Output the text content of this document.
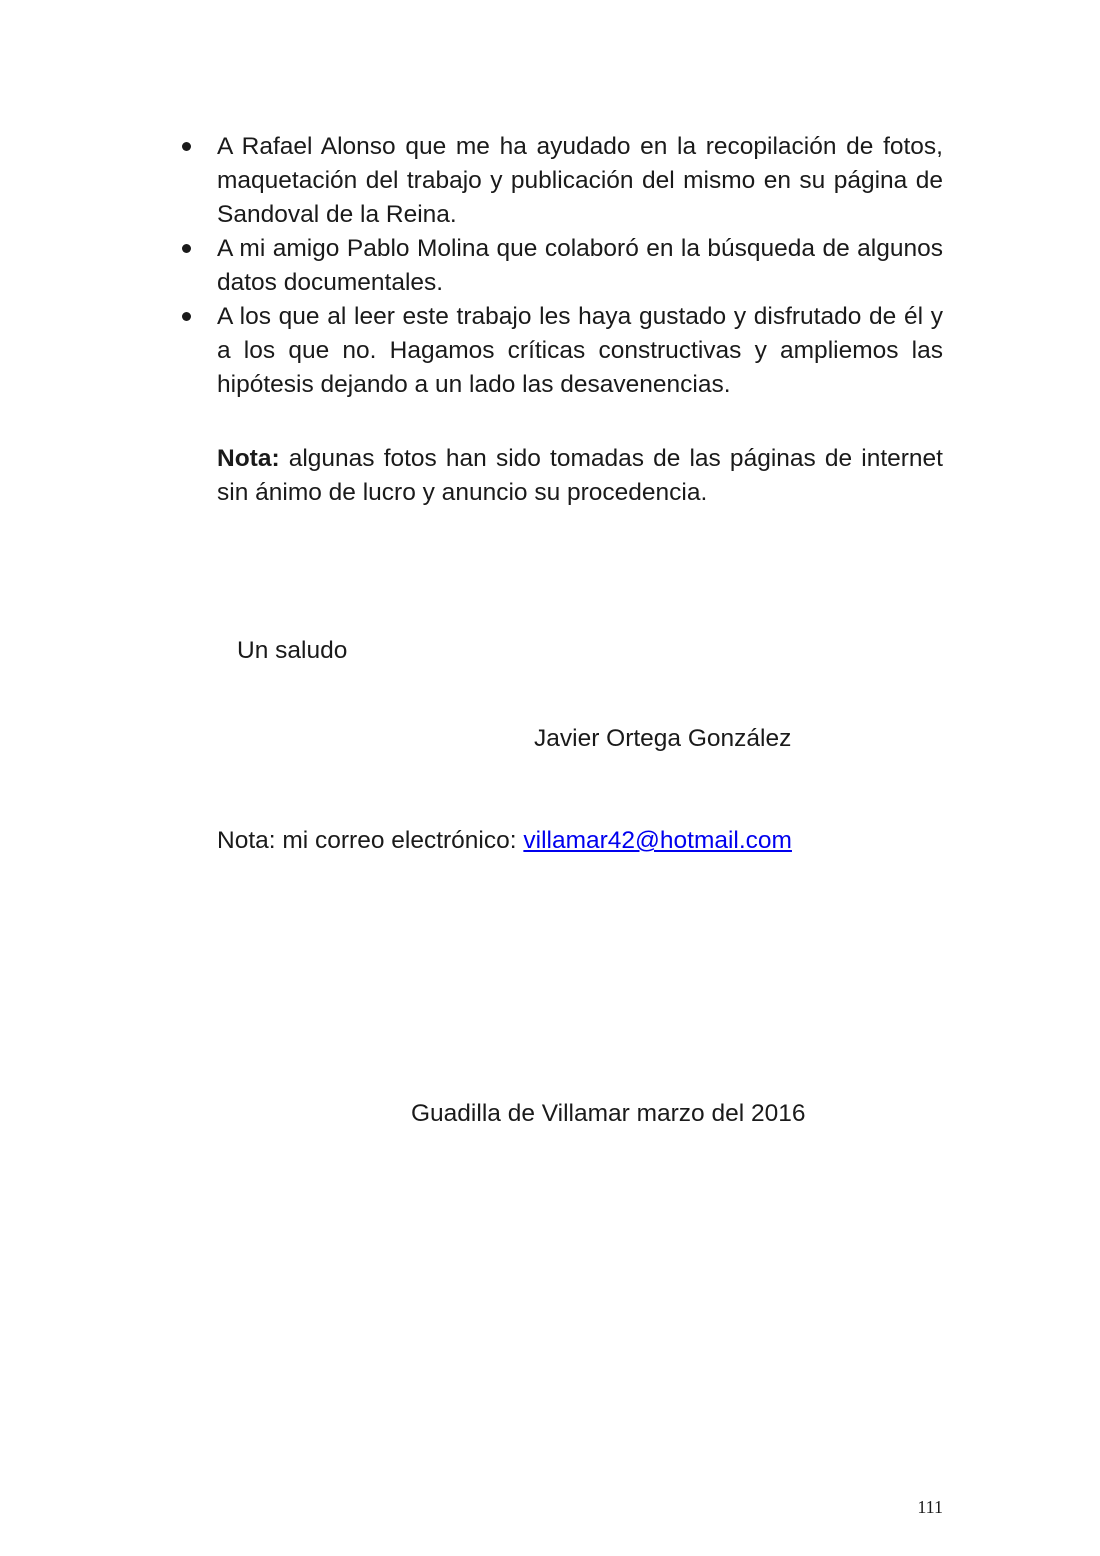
A Rafael Alonso que me ha ayudado en la recopilación de fotos, maquetación del trabajo y publicación del mismo en su página de Sandoval de la Reina.
A mi amigo Pablo Molina que colaboró en la búsqueda de algunos datos documentales.
A los que al leer este trabajo les haya gustado y disfrutado de él y a los que no. Hagamos críticas constructivas y ampliemos las hipótesis dejando a un lado las desavenencias.

Nota: algunas fotos han sido tomadas de las páginas de internet sin ánimo de lucro y anuncio su procedencia.

Un saludo

Javier Ortega González

Nota: mi correo electrónico: villamar42@hotmail.com

Guadilla de Villamar marzo del 2016

111
